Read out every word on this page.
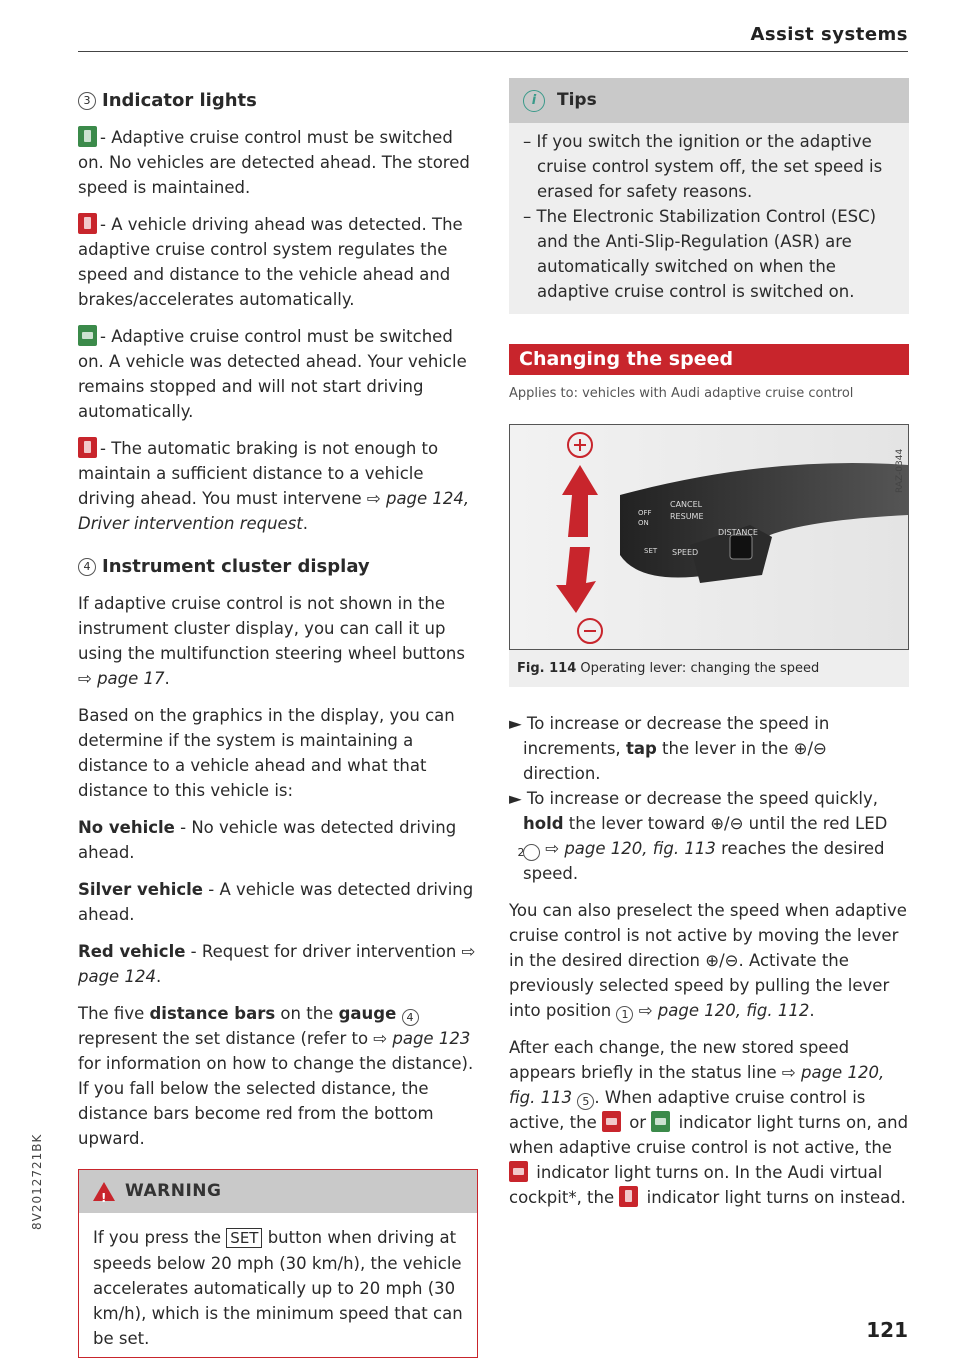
Assist systems
3 Indicator lights

- Adaptive cruise control must be switched on. No vehicles are detected ahead. The stored speed is maintained.

- A vehicle driving ahead was detected. The adaptive cruise control system regulates the speed and distance to the vehicle ahead and brakes/accelerates automatically.

- Adaptive cruise control must be switched on. A vehicle was detected ahead. Your vehicle remains stopped and will not start driving automatically.

- The automatic braking is not enough to maintain a sufficient distance to a vehicle driving ahead. You must intervene ⇨ page 124, Driver intervention request.

4 Instrument cluster display

If adaptive cruise control is not shown in the instrument cluster display, you can call it up using the multifunction steering wheel buttons ⇨ page 17.

Based on the graphics in the display, you can determine if the system is maintaining a distance to a vehicle ahead and what that distance to this vehicle is:

No vehicle - No vehicle was detected driving ahead.

Silver vehicle - A vehicle was detected driving ahead.

Red vehicle - Request for driver intervention ⇨ page 124.

The five distance bars on the gauge 4 represent the set distance (refer to ⇨ page 123 for information on how to change the distance). If you fall below the selected distance, the distance bars become red from the bottom upward.

! WARNING
If you press the SET button when driving at speeds below 20 mph (30 km/h), the vehicle accelerates automatically up to 20 mph (30 km/h), which is the minimum speed that can be set.
i	Tips

– If you switch the ignition or the adaptive cruise control system off, the set speed is erased for safety reasons.

– The Electronic Stabilization Control (ESC) and the Anti-Slip-Regulation (ASR) are automatically switched on when the adaptive cruise control is switched on.

Changing the speed
Applies to: vehicles with Audi adaptive cruise control
OFF
ON
CANCEL
RESUME
DISTANCE
SPEED
SET
RAZ-0344
Fig. 114 Operating lever: changing the speed

► To increase or decrease the speed in increments, tap the lever in the ⊕/⊖ direction.

► To increase or decrease the speed quickly, hold the lever toward ⊕/⊖ until the red LED 2 ⇨ page 120, fig. 113 reaches the desired speed.

You can also preselect the speed when adaptive cruise control is not active by moving the lever in the desired direction ⊕/⊖. Activate the previously selected speed by pulling the lever into position 1 ⇨ page 120, fig. 112.

After each change, the new stored speed appears briefly in the status line ⇨ page 120, fig. 113 5 . When adaptive cruise control is active, the  or  indicator light turns on, and when adaptive cruise control is not active, the  indicator light turns on. In the Audi virtual cockpit*, the  indicator light turns on instead.

8V2012721BK
121
